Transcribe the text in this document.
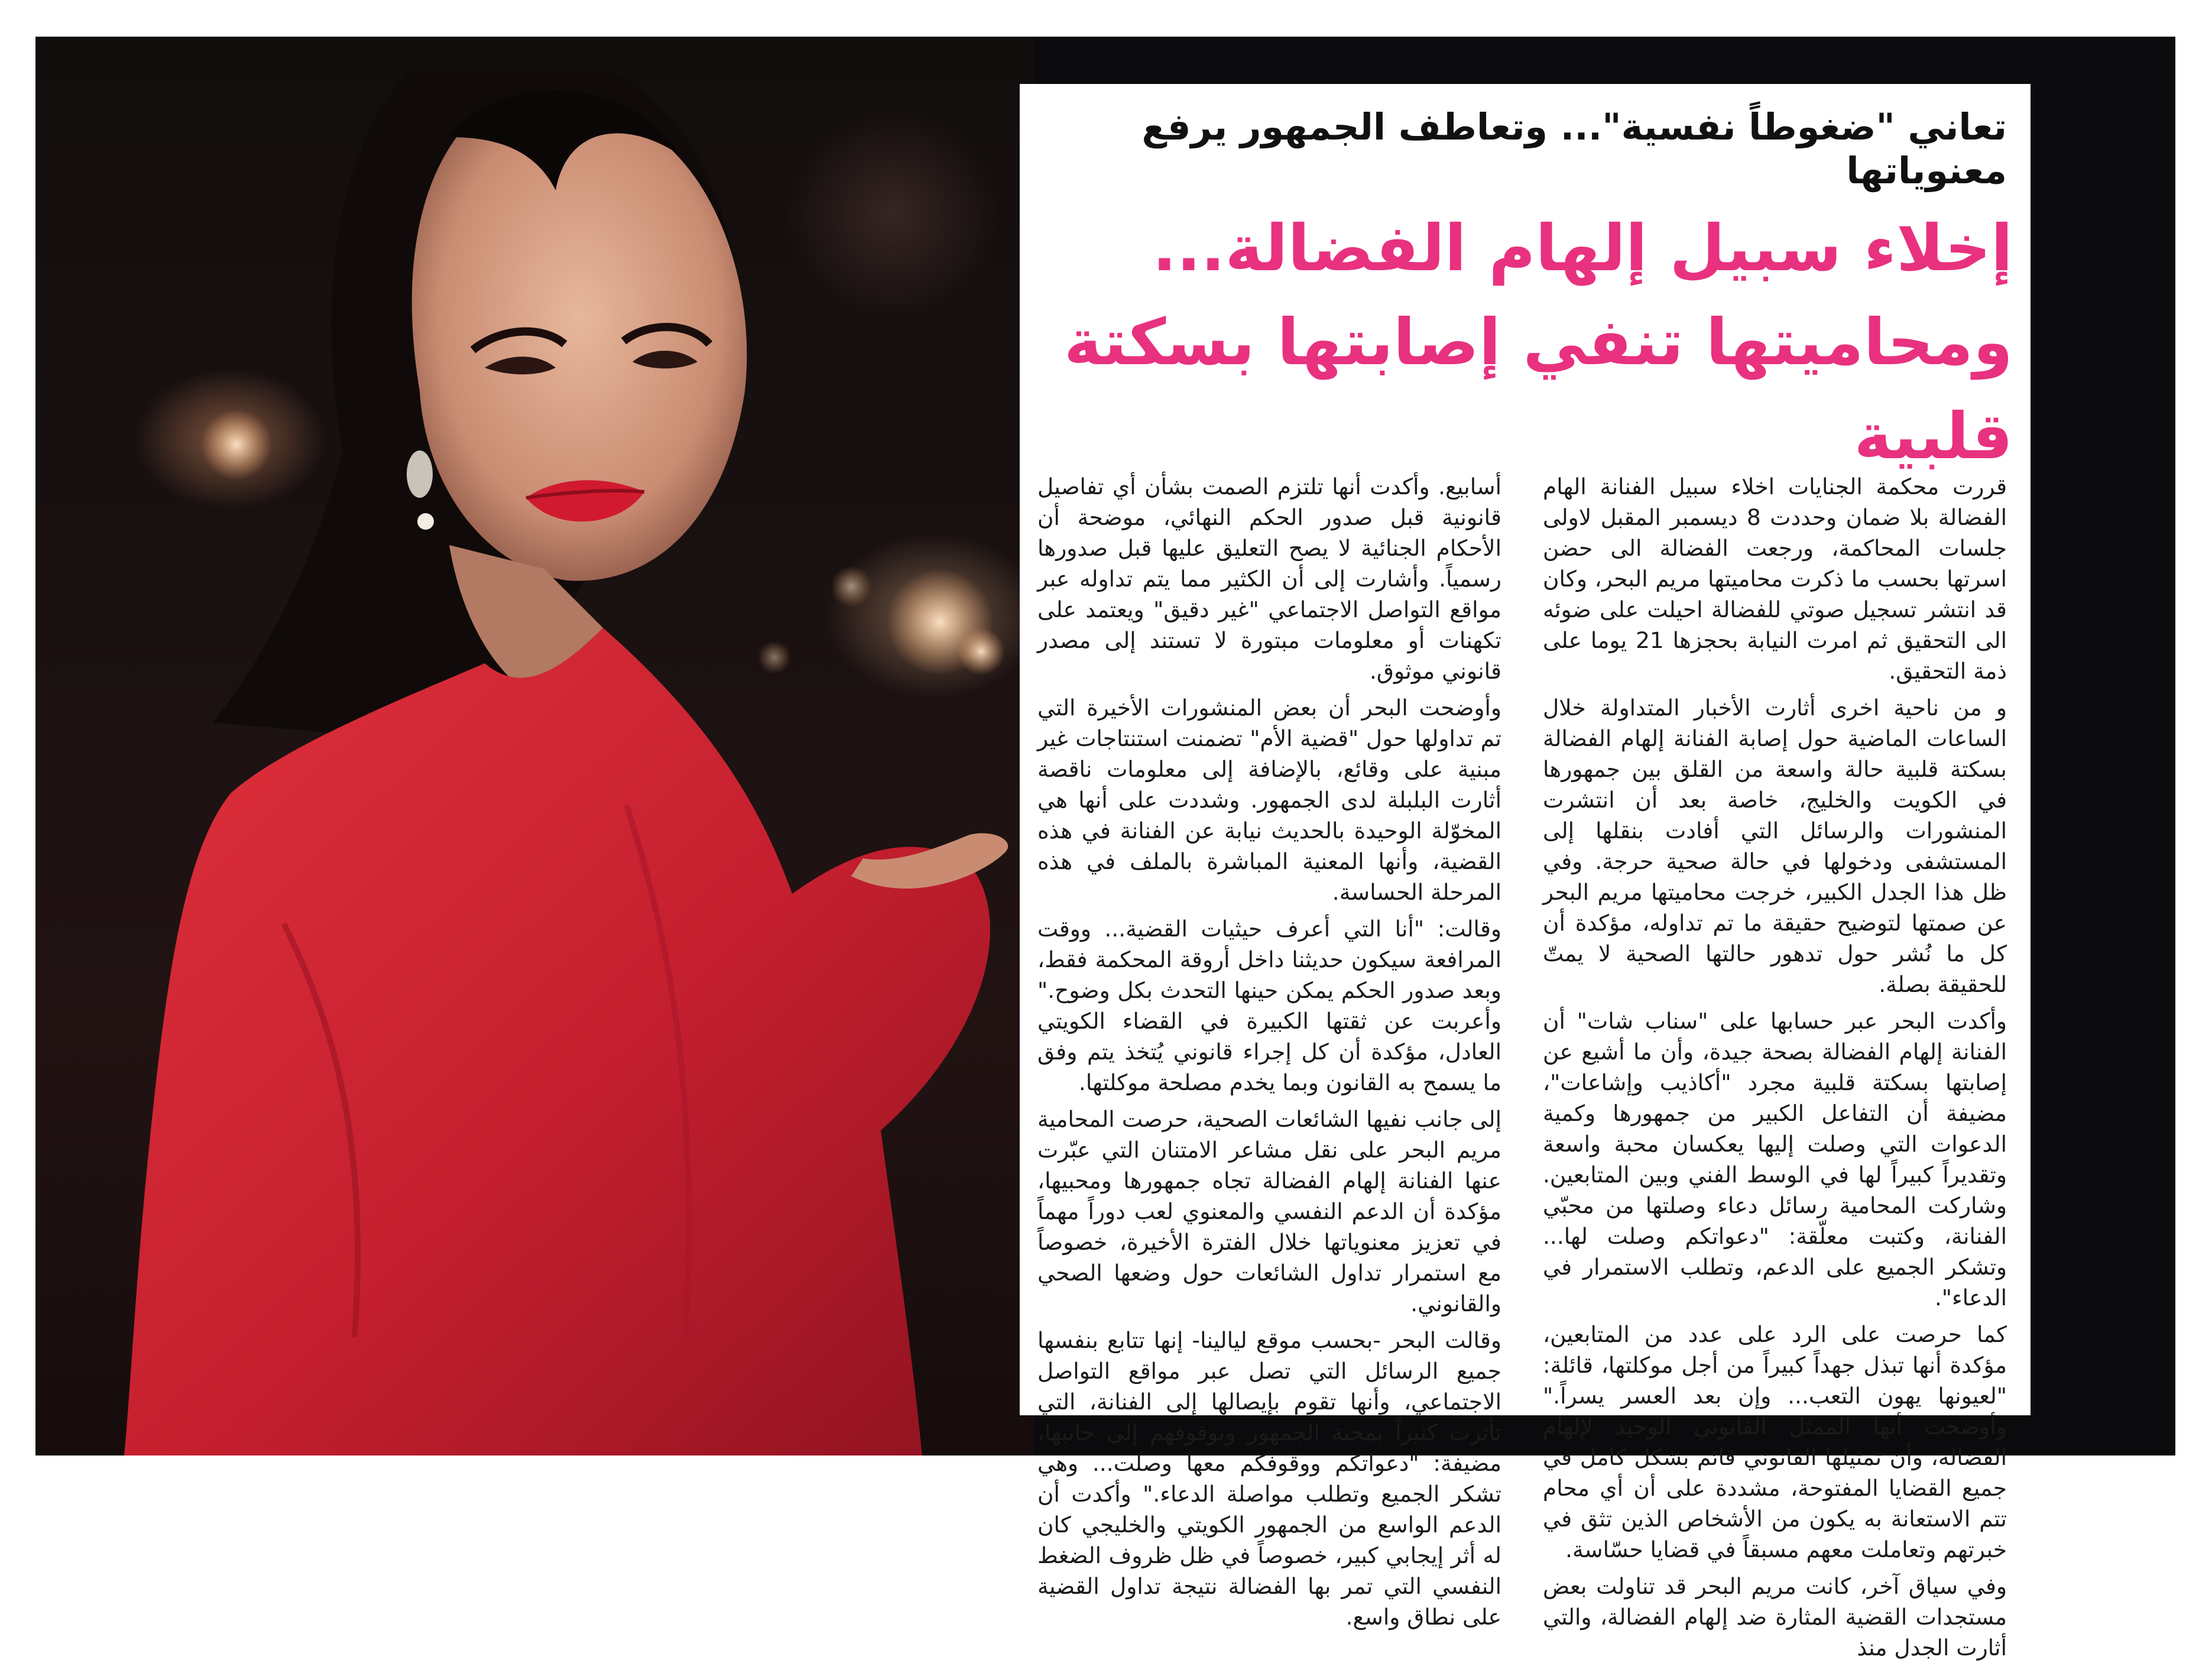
تعاني "ضغوطاً نفسية"... وتعاطف الجمهور يرفع معنوياتها
إخلاء سبيل إلهام الفضالة...
ومحاميتها تنفي إصابتها بسكتة قلبية

قررت محكمة الجنايات اخلاء سبيل الفنانة الهام الفضالة بلا ضمان وحددت 8 ديسمبر المقبل لاولى جلسات المحاكمة، ورجعت الفضالة الى حضن اسرتها بحسب ما ذكرت محاميتها مريم البحر، وكان قد انتشر تسجيل صوتي للفضالة احيلت على ضوئه الى التحقيق ثم امرت النيابة بحجزها 21 يوما على ذمة التحقيق.

و من ناحية اخرى أثارت الأخبار المتداولة خلال الساعات الماضية حول إصابة الفنانة إلهام الفضالة بسكتة قلبية حالة واسعة من القلق بين جمهورها في الكويت والخليج، خاصة بعد أن انتشرت المنشورات والرسائل التي أفادت بنقلها إلى المستشفى ودخولها في حالة صحية حرجة. وفي ظل هذا الجدل الكبير، خرجت محاميتها مريم البحر عن صمتها لتوضيح حقيقة ما تم تداوله، مؤكدة أن كل ما نُشر حول تدهور حالتها الصحية لا يمتّ للحقيقة بصلة.

وأكدت البحر عبر حسابها على "سناب شات" أن الفنانة إلهام الفضالة بصحة جيدة، وأن ما أشيع عن إصابتها بسكتة قلبية مجرد "أكاذيب وإشاعات"، مضيفة أن التفاعل الكبير من جمهورها وكمية الدعوات التي وصلت إليها يعكسان محبة واسعة وتقديراً كبيراً لها في الوسط الفني وبين المتابعين. وشاركت المحامية رسائل دعاء وصلتها من محبّي الفنانة، وكتبت معلّقة: "دعواتكم وصلت لها... وتشكر الجميع على الدعم، وتطلب الاستمرار في الدعاء".

كما حرصت على الرد على عدد من المتابعين، مؤكدة أنها تبذل جهداً كبيراً من أجل موكلتها، قائلة: "لعيونها يهون التعب... وإن بعد العسر يسراً." وأوضحت أنها الممثل القانوني الوحيد لإلهام الفضالة، وأن تمثيلها القانوني قائم بشكل كامل في جميع القضايا المفتوحة، مشددة على أن أي محام تتم الاستعانة به يكون من الأشخاص الذين تثق في خبرتهم وتعاملت معهم مسبقاً في قضايا حسّاسة.

وفي سياق آخر، كانت مريم البحر قد تناولت بعض مستجدات القضية المثارة ضد إلهام الفضالة، والتي أثارت الجدل منذ

أسابيع. وأكدت أنها تلتزم الصمت بشأن أي تفاصيل قانونية قبل صدور الحكم النهائي، موضحة أن الأحكام الجنائية لا يصح التعليق عليها قبل صدورها رسمياً. وأشارت إلى أن الكثير مما يتم تداوله عبر مواقع التواصل الاجتماعي "غير دقيق" ويعتمد على تكهنات أو معلومات مبتورة لا تستند إلى مصدر قانوني موثوق.

وأوضحت البحر أن بعض المنشورات الأخيرة التي تم تداولها حول "قضية الأم" تضمنت استنتاجات غير مبنية على وقائع، بالإضافة إلى معلومات ناقصة أثارت البلبلة لدى الجمهور. وشددت على أنها هي المخوّلة الوحيدة بالحديث نيابة عن الفنانة في هذه القضية، وأنها المعنية المباشرة بالملف في هذه المرحلة الحساسة.

وقالت: "أنا التي أعرف حيثيات القضية... ووقت المرافعة سيكون حديثنا داخل أروقة المحكمة فقط، وبعد صدور الحكم يمكن حينها التحدث بكل وضوح." وأعربت عن ثقتها الكبيرة في القضاء الكويتي العادل، مؤكدة أن كل إجراء قانوني يُتخذ يتم وفق ما يسمح به القانون وبما يخدم مصلحة موكلتها.

إلى جانب نفيها الشائعات الصحية، حرصت المحامية مريم البحر على نقل مشاعر الامتنان التي عبّرت عنها الفنانة إلهام الفضالة تجاه جمهورها ومحبيها، مؤكدة أن الدعم النفسي والمعنوي لعب دوراً مهماً في تعزيز معنوياتها خلال الفترة الأخيرة، خصوصاً مع استمرار تداول الشائعات حول وضعها الصحي والقانوني.

وقالت البحر -بحسب موقع ليالينا- إنها تتابع بنفسها جميع الرسائل التي تصل عبر مواقع التواصل الاجتماعي، وأنها تقوم بإيصالها إلى الفنانة، التي تأثرت كثيراً بمحبة الجمهور وبوقوفهم إلى جانبها، مضيفة: "دعواتكم ووقوفكم معها وصلت... وهي تشكر الجميع وتطلب مواصلة الدعاء." وأكدت أن الدعم الواسع من الجمهور الكويتي والخليجي كان له أثر إيجابي كبير، خصوصاً في ظل ظروف الضغط النفسي التي تمر بها الفضالة نتيجة تداول القضية على نطاق واسع.
